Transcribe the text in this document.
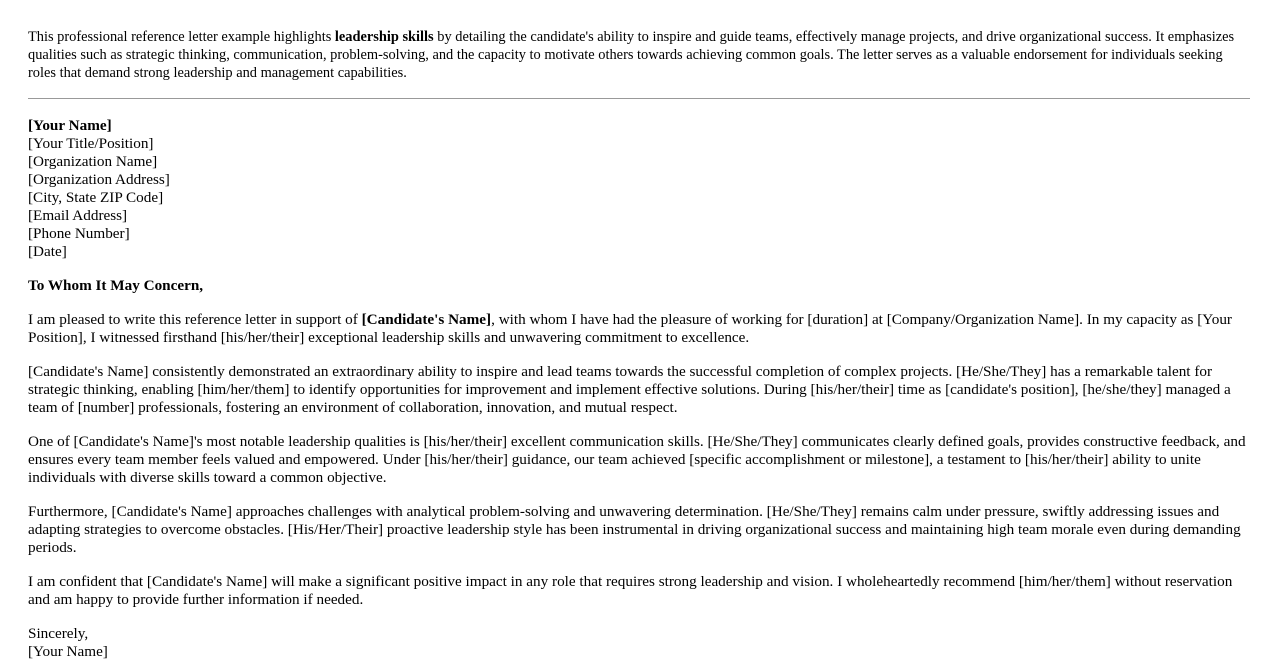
This professional reference letter example highlights leadership skills by detailing the candidate's ability to inspire and guide teams, effectively manage projects, and drive organizational success. It emphasizes qualities such as strategic thinking, communication, problem-solving, and the capacity to motivate others towards achieving common goals. The letter serves as a valuable endorsement for individuals seeking roles that demand strong leadership and management capabilities.

[Your Name]
[Your Title/Position]
[Organization Name]
[Organization Address]
[City, State ZIP Code]
[Email Address]
[Phone Number]
[Date]

To Whom It May Concern,

I am pleased to write this reference letter in support of [Candidate's Name], with whom I have had the pleasure of working for [duration] at [Company/Organization Name]. In my capacity as [Your Position], I witnessed firsthand [his/her/their] exceptional leadership skills and unwavering commitment to excellence.

[Candidate's Name] consistently demonstrated an extraordinary ability to inspire and lead teams towards the successful completion of complex projects. [He/She/They] has a remarkable talent for strategic thinking, enabling [him/her/them] to identify opportunities for improvement and implement effective solutions. During [his/her/their] time as [candidate's position], [he/she/they] managed a team of [number] professionals, fostering an environment of collaboration, innovation, and mutual respect.

One of [Candidate's Name]'s most notable leadership qualities is [his/her/their] excellent communication skills. [He/She/They] communicates clearly defined goals, provides constructive feedback, and ensures every team member feels valued and empowered. Under [his/her/their] guidance, our team achieved [specific accomplishment or milestone], a testament to [his/her/their] ability to unite individuals with diverse skills toward a common objective.

Furthermore, [Candidate's Name] approaches challenges with analytical problem-solving and unwavering determination. [He/She/They] remains calm under pressure, swiftly addressing issues and adapting strategies to overcome obstacles. [His/Her/Their] proactive leadership style has been instrumental in driving organizational success and maintaining high team morale even during demanding periods.

I am confident that [Candidate's Name] will make a significant positive impact in any role that requires strong leadership and vision. I wholeheartedly recommend [him/her/them] without reservation and am happy to provide further information if needed.

Sincerely,
[Your Name]
